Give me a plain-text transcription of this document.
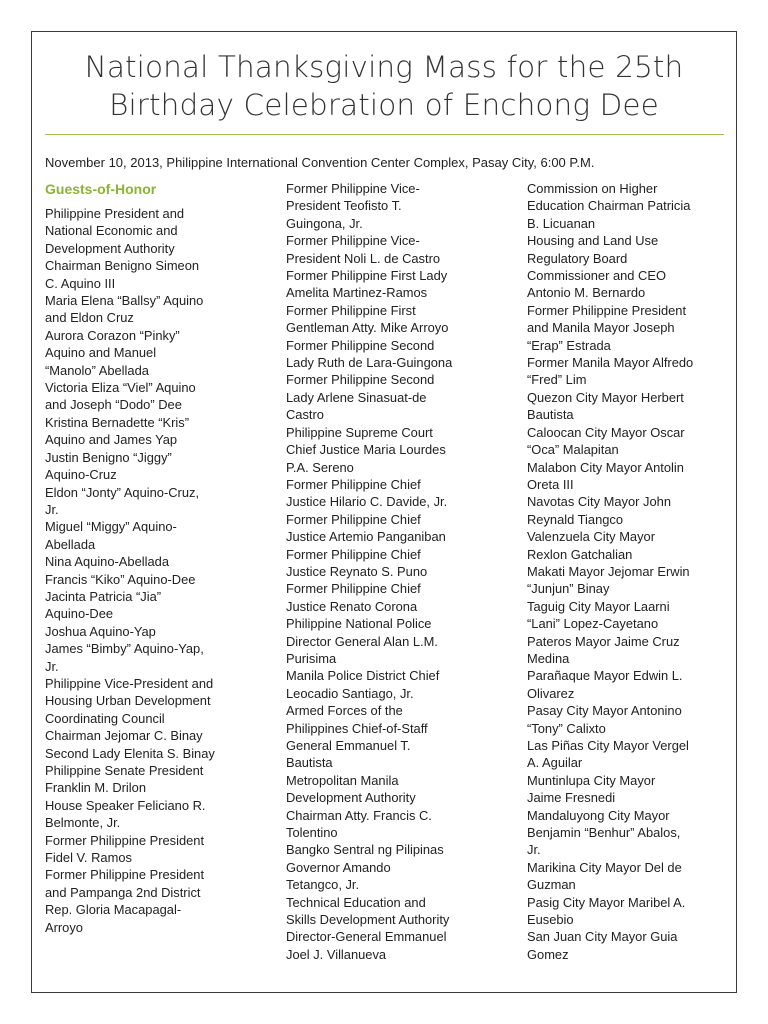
National Thanksgiving Mass for the 25th Birthday Celebration of Enchong Dee
November 10, 2013, Philippine International Convention Center Complex, Pasay City, 6:00 P.M.
Guests-of-Honor
Philippine President and
National Economic and
Development Authority
Chairman Benigno Simeon
C. Aquino III
Maria Elena “Ballsy” Aquino
and Eldon Cruz
Aurora Corazon “Pinky”
Aquino and Manuel
“Manolo” Abellada
Victoria Eliza “Viel” Aquino
and Joseph “Dodo” Dee
Kristina Bernadette “Kris”
Aquino and James Yap
Justin Benigno “Jiggy”
Aquino-Cruz
Eldon “Jonty” Aquino-Cruz,
Jr.
Miguel “Miggy” Aquino-
Abellada
Nina Aquino-Abellada
Francis “Kiko” Aquino-Dee
Jacinta Patricia “Jia”
Aquino-Dee
Joshua Aquino-Yap
James “Bimby” Aquino-Yap,
Jr.
Philippine Vice-President and
Housing Urban Development
Coordinating Council
Chairman Jejomar C. Binay
Second Lady Elenita S. Binay
Philippine Senate President
Franklin M. Drilon
House Speaker Feliciano R.
Belmonte, Jr.
Former Philippine President
Fidel V. Ramos
Former Philippine President
and Pampanga 2nd District
Rep. Gloria Macapagal-
Arroyo
Former Philippine Vice-
President Teofisto T.
Guingona, Jr.
Former Philippine Vice-
President Noli L. de Castro
Former Philippine First Lady
Amelita Martinez-Ramos
Former Philippine First
Gentleman Atty. Mike Arroyo
Former Philippine Second
Lady Ruth de Lara-Guingona
Former Philippine Second
Lady Arlene Sinasuat-de
Castro
Philippine Supreme Court
Chief Justice Maria Lourdes
P.A. Sereno
Former Philippine Chief
Justice Hilario C. Davide, Jr.
Former Philippine Chief
Justice Artemio Panganiban
Former Philippine Chief
Justice Reynato S. Puno
Former Philippine Chief
Justice Renato Corona
Philippine National Police
Director General Alan L.M.
Purisima
Manila Police District Chief
Leocadio Santiago, Jr.
Armed Forces of the
Philippines Chief-of-Staff
General Emmanuel T.
Bautista
Metropolitan Manila
Development Authority
Chairman Atty. Francis C.
Tolentino
Bangko Sentral ng Pilipinas
Governor Amando
Tetangco, Jr.
Technical Education and
Skills Development Authority
Director-General Emmanuel
Joel J. Villanueva
Commission on Higher
Education Chairman Patricia
B. Licuanan
Housing and Land Use
Regulatory Board
Commissioner and CEO
Antonio M. Bernardo
Former Philippine President
and Manila Mayor Joseph
“Erap” Estrada
Former Manila Mayor Alfredo
“Fred” Lim
Quezon City Mayor Herbert
Bautista
Caloocan City Mayor Oscar
“Oca” Malapitan
Malabon City Mayor Antolin
Oreta III
Navotas City Mayor John
Reynald Tiangco
Valenzuela City Mayor
Rexlon Gatchalian
Makati Mayor Jejomar Erwin
“Junjun” Binay
Taguig City Mayor Laarni
“Lani” Lopez-Cayetano
Pateros Mayor Jaime Cruz
Medina
Parañaque Mayor Edwin L.
Olivarez
Pasay City Mayor Antonino
“Tony” Calixto
Las Piñas City Mayor Vergel
A. Aguilar
Muntinlupa City Mayor
Jaime Fresnedi
Mandaluyong City Mayor
Benjamin “Benhur” Abalos,
Jr.
Marikina City Mayor Del de
Guzman
Pasig City Mayor Maribel A.
Eusebio
San Juan City Mayor Guia
Gomez
